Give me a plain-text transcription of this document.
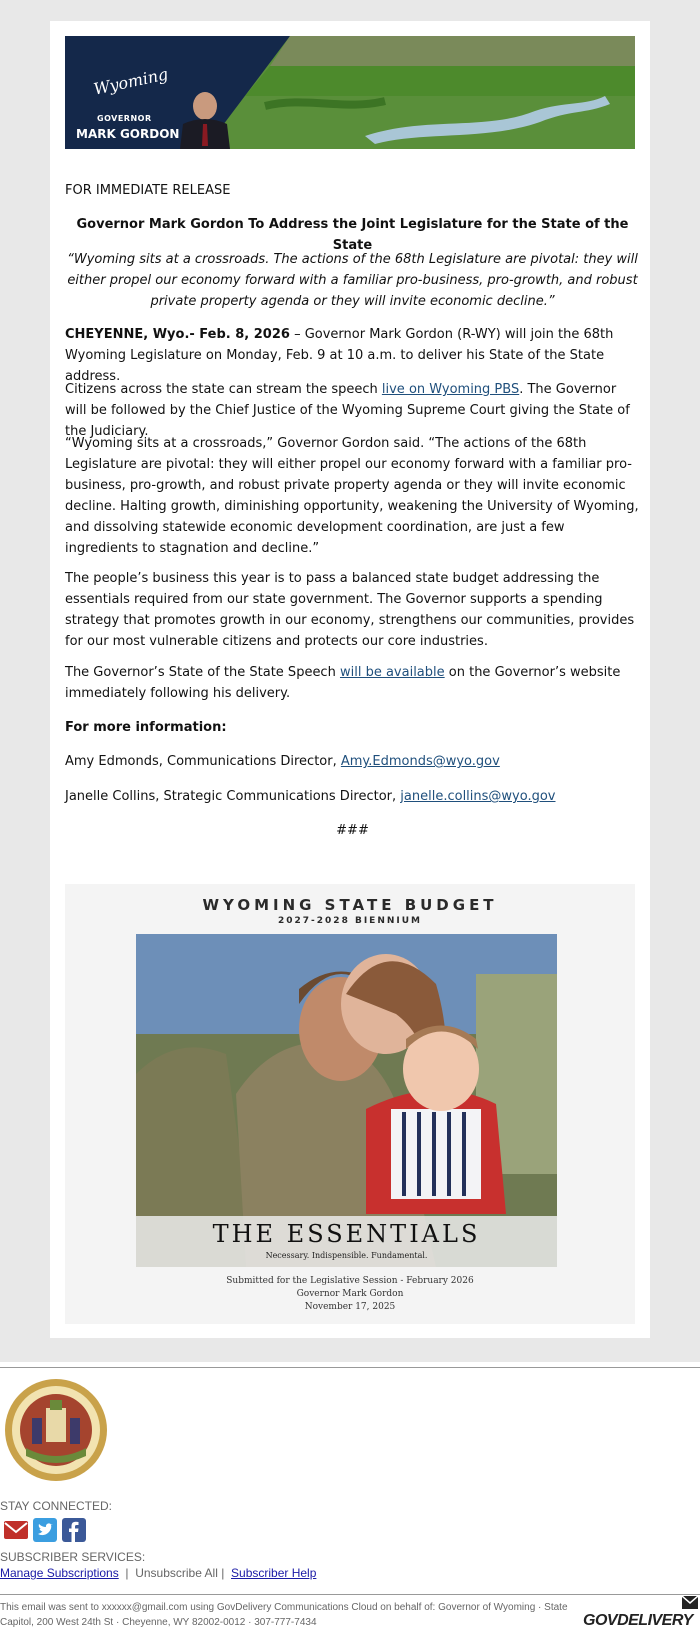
Wyoming
GOVERNOR
MARK GORDON

FOR IMMEDIATE RELEASE

Governor Mark Gordon To Address the Joint Legislature for the State of the State

“Wyoming sits at a crossroads. The actions of the 68th Legislature are pivotal: they will either propel our economy forward with a familiar pro-business, pro-growth, and robust private property agenda or they will invite economic decline.”

CHEYENNE, Wyo.- Feb. 8, 2026 – Governor Mark Gordon (R-WY) will join the 68th Wyoming Legislature on Monday, Feb. 9 at 10 a.m. to deliver his State of the State address.

Citizens across the state can stream the speech live on Wyoming PBS. The Governor will be followed by the Chief Justice of the Wyoming Supreme Court giving the State of the Judiciary.

“Wyoming sits at a crossroads,” Governor Gordon said. “The actions of the 68th Legislature are pivotal: they will either propel our economy forward with a familiar pro-business, pro-growth, and robust private property agenda or they will invite economic decline. Halting growth, diminishing opportunity, weakening the University of Wyoming, and dissolving statewide economic development coordination, are just a few ingredients to stagnation and decline.”

The people’s business this year is to pass a balanced state budget addressing the essentials required from our state government. The Governor supports a spending strategy that promotes growth in our economy, strengthens our communities, provides for our most vulnerable citizens and protects our core industries.

The Governor’s State of the State Speech will be available on the Governor’s website immediately following his delivery.

For more information:

Amy Edmonds, Communications Director, Amy.Edmonds@wyo.gov

Janelle Collins, Strategic Communications Director, janelle.collins@wyo.gov

###

WYOMING STATE BUDGET
2027-2028 BIENNIUM
THE ESSENTIALS
Necessary. Indispensible. Fundamental.
Submitted for the Legislative Session - February 2026
Governor Mark Gordon
November 17, 2025
STAY CONNECTED:
SUBSCRIBER SERVICES:
Manage Subscriptions  |  Unsubscribe All |  Subscriber Help
This email was sent to xxxxxx@gmail.com using GovDelivery Communications Cloud on behalf of: Governor of Wyoming · State Capitol, 200 West 24th St · Cheyenne, WY 82002-0012 · 307-777-7434	GOVDELIVERY
